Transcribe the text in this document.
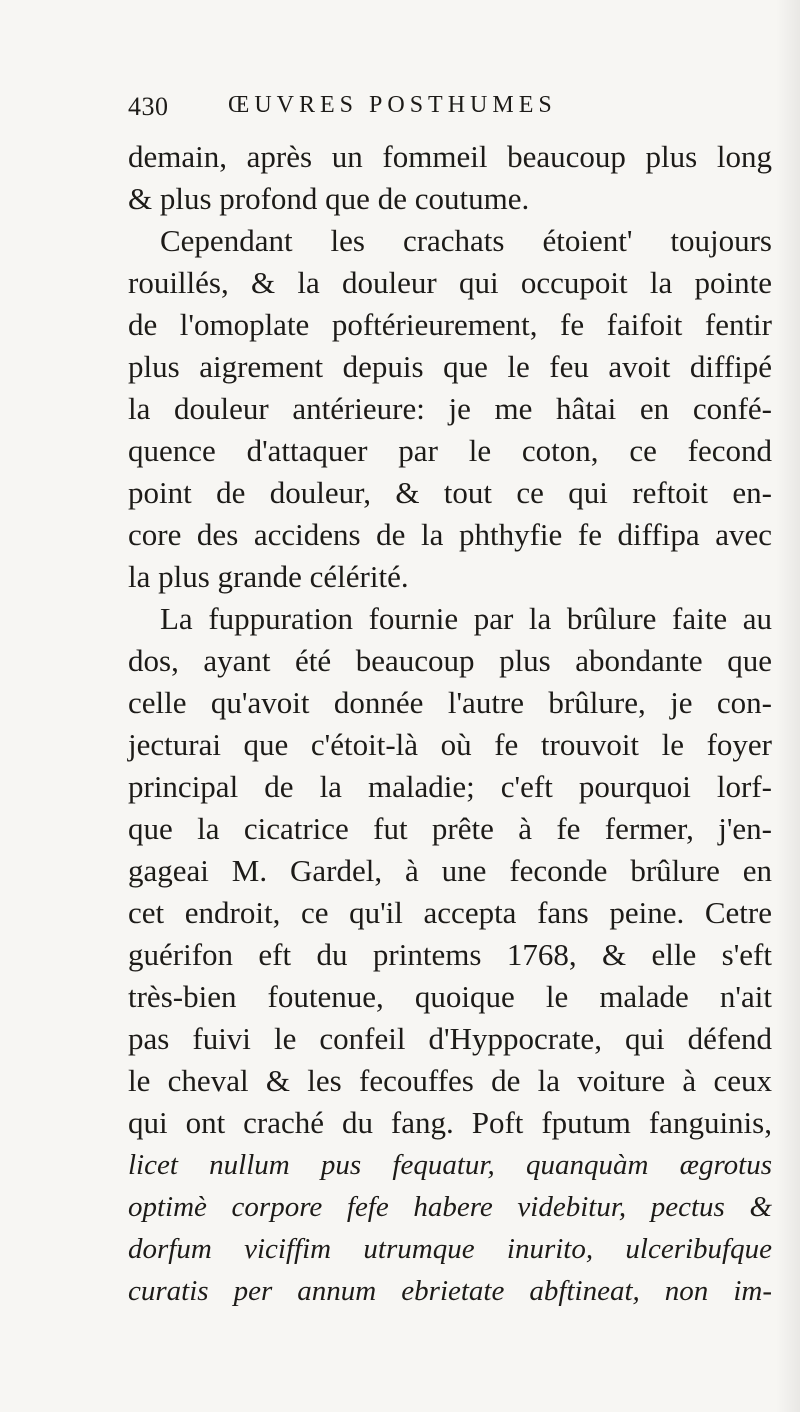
430 ŒUVRES POSTHUMES
demain, après un fommeil beaucoup plus long
& plus profond que de coutume.
Cependant les crachats étoient' toujours
rouillés, & la douleur qui occupoit la pointe
de l'omoplate poftérieurement, fe faifoit fentir
plus aigrement depuis que le feu avoit diffipé
la douleur antérieure: je me hâtai en confé-
quence d'attaquer par le coton, ce fecond
point de douleur, & tout ce qui reftoit en-
core des accidens de la phthyfie fe diffipa avec
la plus grande célérité.
La fuppuration fournie par la brûlure faite au
dos, ayant été beaucoup plus abondante que
celle qu'avoit donnée l'autre brûlure, je con-
jecturai que c'étoit-là où fe trouvoit le foyer
principal de la maladie; c'eft pourquoi lorf-
que la cicatrice fut prête à fe fermer, j'en-
gageai M. Gardel, à une feconde brûlure en
cet endroit, ce qu'il accepta fans peine. Cetre
guérifon eft du printems 1768, & elle s'eft
très-bien foutenue, quoique le malade n'ait
pas fuivi le confeil d'Hyppocrate, qui défend
le cheval & les fecouffes de la voiture à ceux
qui ont craché du fang. Poft fputum fanguinis,
licet nullum pus fequatur, quanquàm ægrotus
optimè corpore fefe habere videbitur, pectus &
dorfum viciffim utrumque inurito, ulceribufque
curatis per annum ebrietate abftineat, non im-
